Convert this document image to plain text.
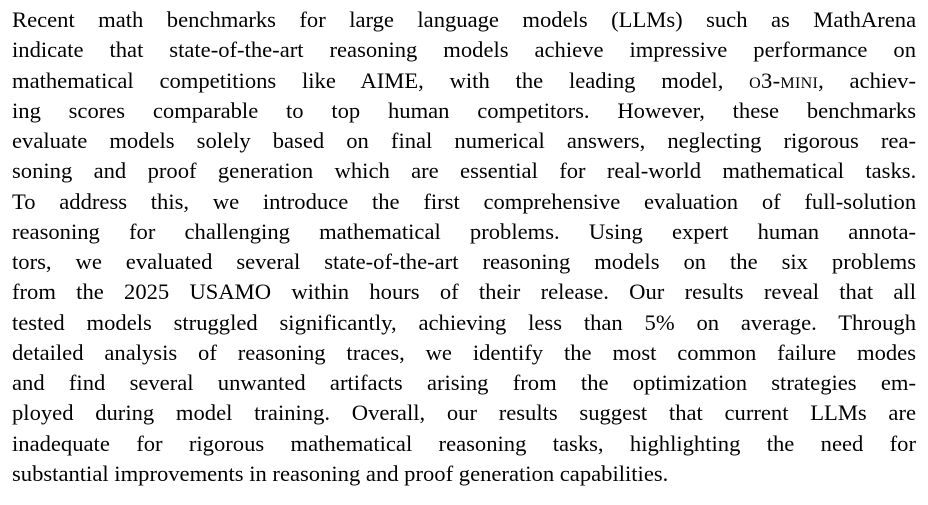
Recent math benchmarks for large language models (LLMs) such as MathArena
indicate that state-of-the-art reasoning models achieve impressive performance on
mathematical competitions like AIME, with the leading model, o3-mini, achiev-
ing scores comparable to top human competitors. However, these benchmarks
evaluate models solely based on final numerical answers, neglecting rigorous rea-
soning and proof generation which are essential for real-world mathematical tasks.
To address this, we introduce the first comprehensive evaluation of full-solution
reasoning for challenging mathematical problems. Using expert human annota-
tors, we evaluated several state-of-the-art reasoning models on the six problems
from the 2025 USAMO within hours of their release. Our results reveal that all
tested models struggled significantly, achieving less than 5% on average. Through
detailed analysis of reasoning traces, we identify the most common failure modes
and find several unwanted artifacts arising from the optimization strategies em-
ployed during model training. Overall, our results suggest that current LLMs are
inadequate for rigorous mathematical reasoning tasks, highlighting the need for
substantial improvements in reasoning and proof generation capabilities.
